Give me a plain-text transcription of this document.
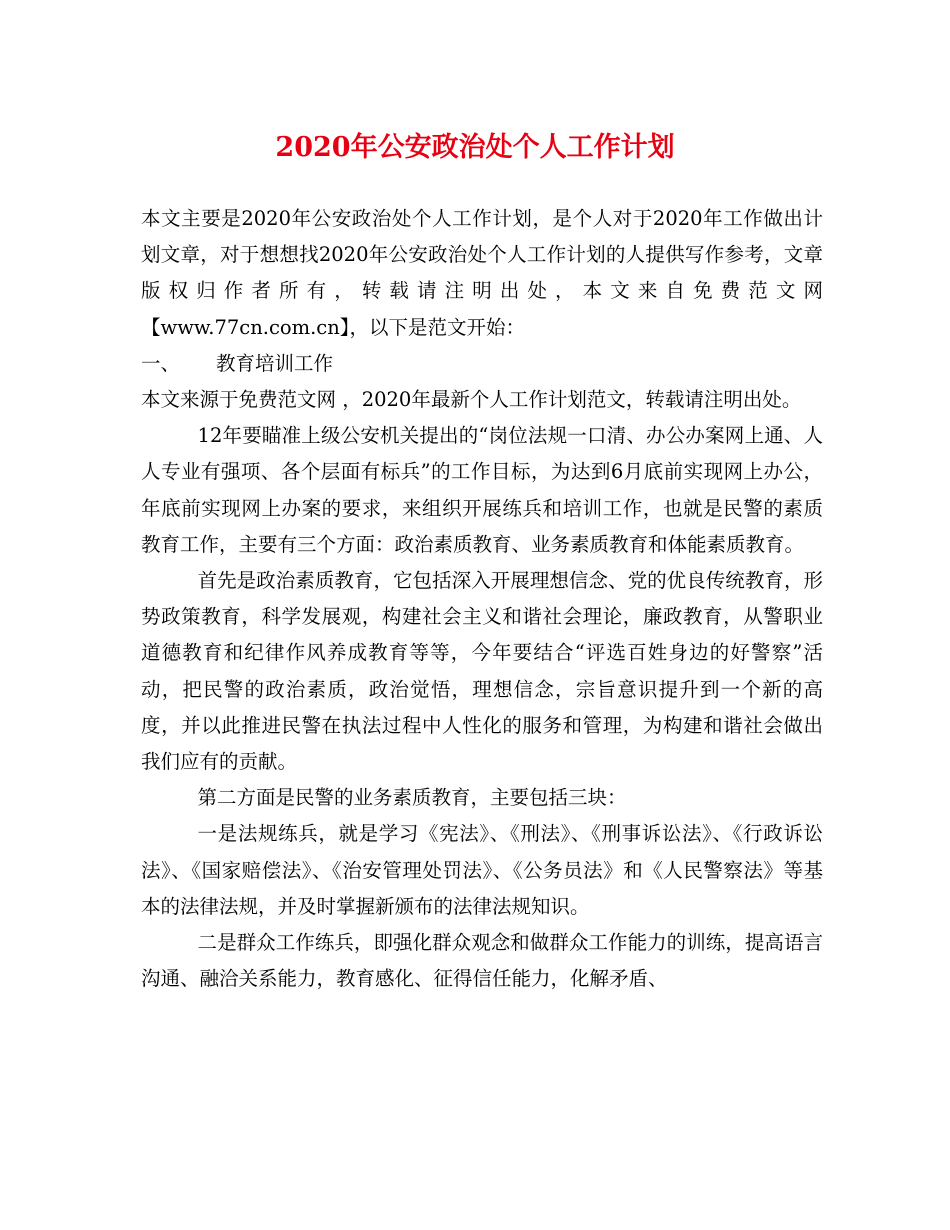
2020年公安政治处个人工作计划

本文主要是2020年公安政治处个人工作计划，是个人对于2020年工作做出计划文章，对于想想找2020年公安政治处个人工作计划的人提供写作参考，文章版权归作者所有，转载请注明出处，本文来自免费范文网【www.77cn.com.cn】，以下是范文开始：

一、 教育培训工作

本文来源于免费范文网 ，2020年最新个人工作计划范文，转载请注明出处。

12年要瞄准上级公安机关提出的“岗位法规一口清、办公办案网上通、人人专业有强项、各个层面有标兵”的工作目标，为达到6月底前实现网上办公，年底前实现网上办案的要求，来组织开展练兵和培训工作，也就是民警的素质教育工作，主要有三个方面：政治素质教育、业务素质教育和体能素质教育。

首先是政治素质教育，它包括深入开展理想信念、党的优良传统教育，形势政策教育，科学发展观，构建社会主义和谐社会理论，廉政教育，从警职业道德教育和纪律作风养成教育等等，今年要结合“评选百姓身边的好警察”活动，把民警的政治素质，政治觉悟，理想信念，宗旨意识提升到一个新的高度，并以此推进民警在执法过程中人性化的服务和管理，为构建和谐社会做出我们应有的贡献。

第二方面是民警的业务素质教育，主要包括三块：

一是法规练兵，就是学习《宪法》、《刑法》、《刑事诉讼法》、《行政诉讼法》、《国家赔偿法》、《治安管理处罚法》、《公务员法》和《人民警察法》等基本的法律法规，并及时掌握新颁布的法律法规知识。

二是群众工作练兵，即强化群众观念和做群众工作能力的训练，提高语言沟通、融洽关系能力，教育感化、征得信任能力，化解矛盾、
